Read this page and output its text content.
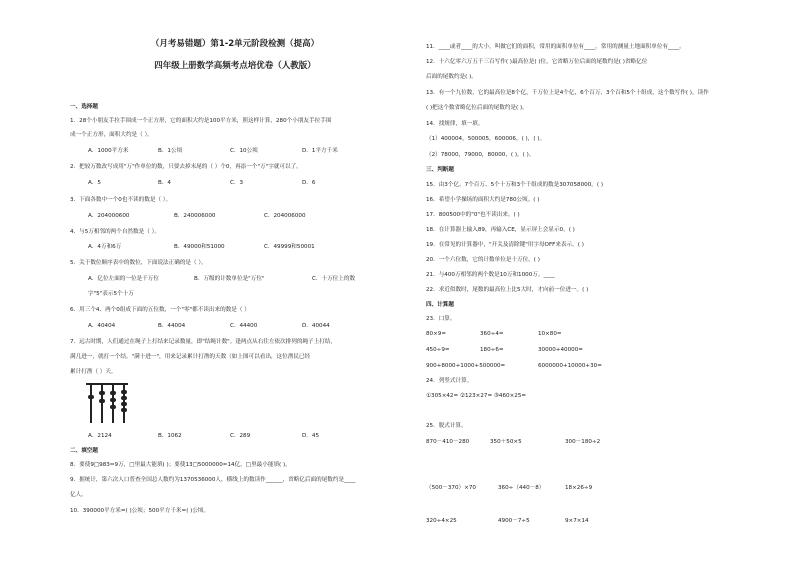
（月考易错题）第1-2单元阶段检测（提高）
四年级上册数学高频考点培优卷（人教版）
一、选择题
1．28个小朋友手拉手围成一个正方形，它的面积大约是100平方米，照这样计算，280个小朋友手拉手围
成一个正方形，面积大约是（ ）。
A．1000平方米	B．1公顷	C．10公顷	D．1平方千米
2．把较万数改写成用"万"作单位的数，只要去掉末尾的（ ）个0，再添一个"万"字就可以了。
A．5	B．4	C．3	D．6
3．下面各数中一个0也不读的数是（ ）。
A．204000600	B．240006000	C．204006000
4．与5万相邻的两个自然数是（ ）。
A．4万和6万	B．49000和51000	C．49999和50001
5．关于数位顺序表中的数位，下面说法正确的是（ ）。
A．亿位左面的一位是千万位	B．万级的计数单位是"万位"	C．十万位上的数
字"5"表示5个十万
6．用三个4、两个0组成下面的五位数，一个"零"都不读出来的数是（ ）
A．40404	B．44004	C．44400	D．40044
7．远古时期，人们通过在绳子上打结来记录数量，即"结绳计数"。逢两点从右往左依次排列的绳子上打结，
满几进一，就打一个结。"满十进一"，用来记录累计打渔的天数（如上图可以看出，这位渔民已经
累计打渔（ ）天。
A．2124	B．1062	C．289	D．45
二、填空题
8．要使9□983≈9万，□里最大能填( )；要使13□5000000≈14亿，□里最小能填( )。
9．据统计，第六次人口普查全国总人数约为1370536000人，横线上的数读作______，省略亿后面的尾数约是____
亿人。
10．390000平方米=( )公顷；500平方千米=( )公顷。
11．____或者____的大小，叫做它们的面积，常用的面积单位有____。常用的测量土地面积单位有____。
12．十六亿零六万五千三百写作( )最高位是( )位，它省略万位后面的尾数约是( )省略亿位
后面的尾数约是( )。
13．有一个九位数，它的最高位是8个亿，千万位上是4个亿，6个百万，3个百和5个十组成，这个数写作( )，读作
( )把这个数省略亿位后面的尾数约是( )。
14．找规律，填一填。
（1）400004，500005，600006，( )，( )。
（2）78000，79000，80000，( )，( )。
三、判断题
15．由3个亿、7个百万、5个十万和3个千组成的数是307058000。( )
16．希望小学操场的面积大约是780公顷。( )
17．800500中的"0"也不读出来。( )
18．在计算器上输入89，再输入CE，显示屏上会显示0。( )
19．在常见的计算器中，"开关及清除键"用字母OFF来表示。( )
20．一个六位数，它的计数单位是十万位。( )
21．与400万相邻的两个数是10万和1000万。____
22．求近似数时，尾数的最高位上比5大时，才向前一位进一。( )
四、计算题
23．口算。
80×9=	360÷4=	10×80=
450÷9=	180÷6=	30000+40000=
900+8000+1000+500000=	6000000+10000+30=
24．列竖式计算。
①305×42= ②123×27= ③460×25=
25．脱式计算。
870－410－280	350＋50×5	300－180÷2
（500－370）×70	360÷（440－8）	18×26÷9
320÷4×25	4900－7÷5	9×7×14
